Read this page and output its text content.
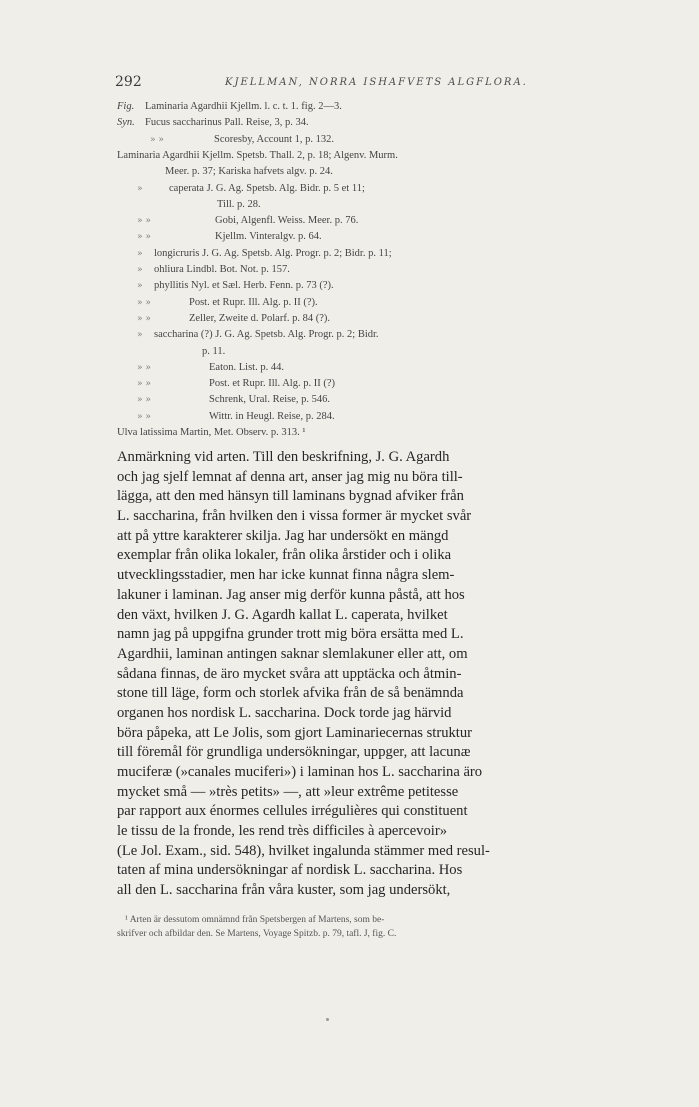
292	KJELLMAN, NORRA ISHAFVETS ALGFLORA.
Fig. Laminaria Agardhii Kjellm. l. c. t. 1. fig. 2—3.
Syn. Fucus saccharinus Pall. Reise, 3, p. 34.
» »	Scoresby, Account 1, p. 132.
Laminaria Agardhii Kjellm. Spetsb. Thall. 2, p. 18; Algenv. Murm.
Meer. p. 37; Kariska hafvets algv. p. 24.
»	caperata J. G. Ag. Spetsb. Alg. Bidr. p. 5 et 11;
Till. p. 28.
» »	Gobi, Algenfl. Weiss. Meer. p. 76.
» »	Kjellm. Vinteralgv. p. 64.
» longicruris J. G. Ag. Spetsb. Alg. Progr. p. 2; Bidr. p. 11;
» ohliura Lindbl. Bot. Not. p. 157.
» phyllitis Nyl. et Sæl. Herb. Fenn. p. 73 (?).
» »	Post. et Rupr. Ill. Alg. p. II (?).
» »	Zeller, Zweite d. Polarf. p. 84 (?).
» saccharina (?) J. G. Ag. Spetsb. Alg. Progr. p. 2; Bidr.
p. 11.
» »	Eaton. List. p. 44.
» »	Post. et Rupr. Ill. Alg. p. II (?)
» »	Schrenk, Ural. Reise, p. 546.
» »	Wittr. in Heugl. Reise, p. 284.
Ulva latissima Martin, Met. Observ. p. 313. ¹
Anmärkning vid arten. Till den beskrifning, J. G. Agardh
och jag sjelf lemnat af denna art, anser jag mig nu böra till-
lägga, att den med hänsyn till laminans bygnad afviker från
L. saccharina, från hvilken den i vissa former är mycket svår
att på yttre karakterer skilja. Jag har undersökt en mängd
exemplar från olika lokaler, från olika årstider och i olika
utvecklingsstadier, men har icke kunnat finna några slem-
lakuner i laminan. Jag anser mig derför kunna påstå, att hos
den växt, hvilken J. G. Agardh kallat L. caperata, hvilket
namn jag på uppgifna grunder trott mig böra ersätta med L.
Agardhii, laminan antingen saknar slemlakuner eller att, om
sådana finnas, de äro mycket svåra att upptäcka och åtmin-
stone till läge, form och storlek afvika från de så benämnda
organen hos nordisk L. saccharina. Dock torde jag härvid
böra påpeka, att Le Jolis, som gjort Laminariecernas struktur
till föremål för grundliga undersökningar, uppger, att lacunæ
muciferæ (»canales muciferi») i laminan hos L. saccharina äro
mycket små — »très petits» —, att »leur extrême petitesse
par rapport aux énormes cellules irrégulières qui constituent
le tissu de la fronde, les rend très difficiles à apercevoir»
(Le Jol. Exam., sid. 548), hvilket ingalunda stämmer med resul-
taten af mina undersökningar af nordisk L. saccharina. Hos
all den L. saccharina från våra kuster, som jag undersökt,
¹ Arten är dessutom omnämnd från Spetsbergen af Martens, som be-
skrifver och afbildar den. Se Martens, Voyage Spitzb. p. 79, tafl. J, fig. C.
